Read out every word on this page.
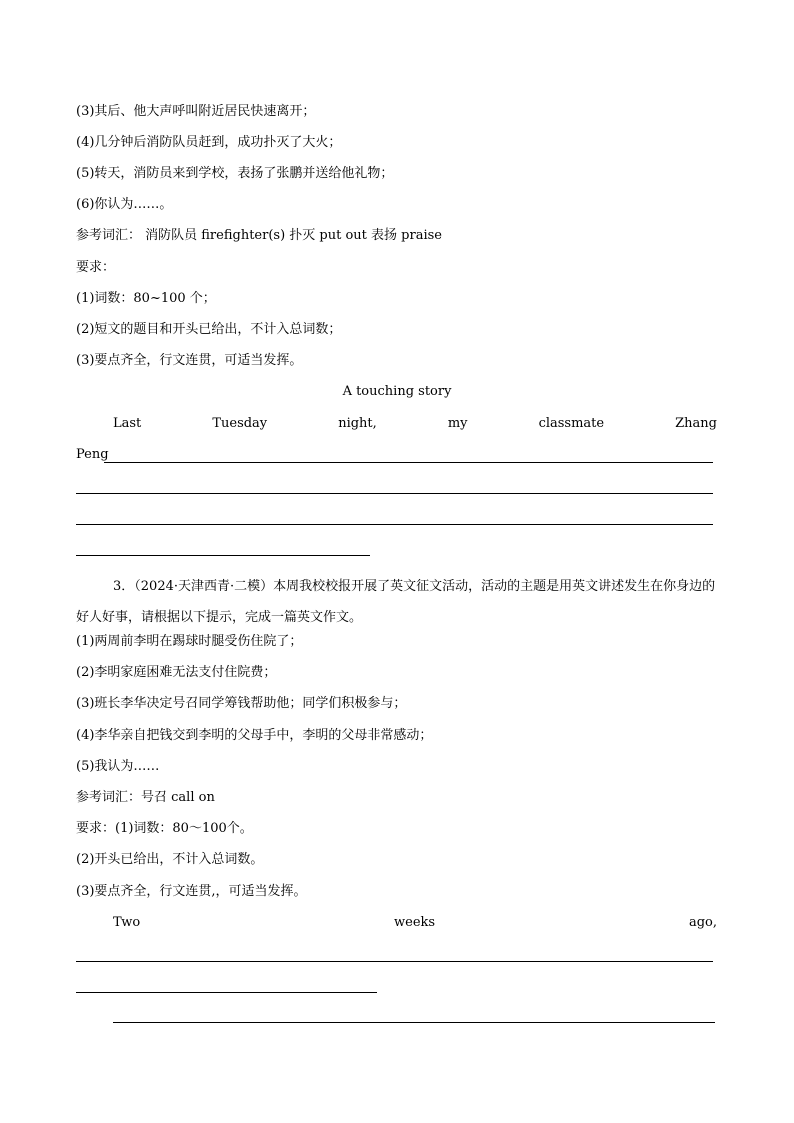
(3)其后、他大声呼叫附近居民快速离开；
(4)几分钟后消防队员赶到，成功扑灭了大火；
(5)转天，消防员来到学校，表扬了张鹏并送给他礼物；
(6)你认为……。
参考词汇： 消防队员 firefighter(s) 扑灭 put out 表扬 praise
要求：
(1)词数：80~100 个；
(2)短文的题目和开头已给出，不计入总词数；
(3)要点齐全，行文连贯，可适当发挥。
A touching story
Last	Tuesday	night,	my	classmate	Zhang
Peng
3．（2024·天津西青·二模）本周我校校报开展了英文征文活动，活动的主题是用英文讲述发生在你身边的好人好事，请根据以下提示，完成一篇英文作文。
(1)两周前李明在踢球时腿受伤住院了；
(2)李明家庭困难无法支付住院费；
(3)班长李华决定号召同学筹钱帮助他；同学们积极参与；
(4)李华亲自把钱交到李明的父母手中，李明的父母非常感动；
(5)我认为……
参考词汇：号召 call on
要求：(1)词数：80～100个。
(2)开头已给出，不计入总词数。
(3)要点齐全，行文连贯,，可适当发挥。
Two	weeks	ago,
